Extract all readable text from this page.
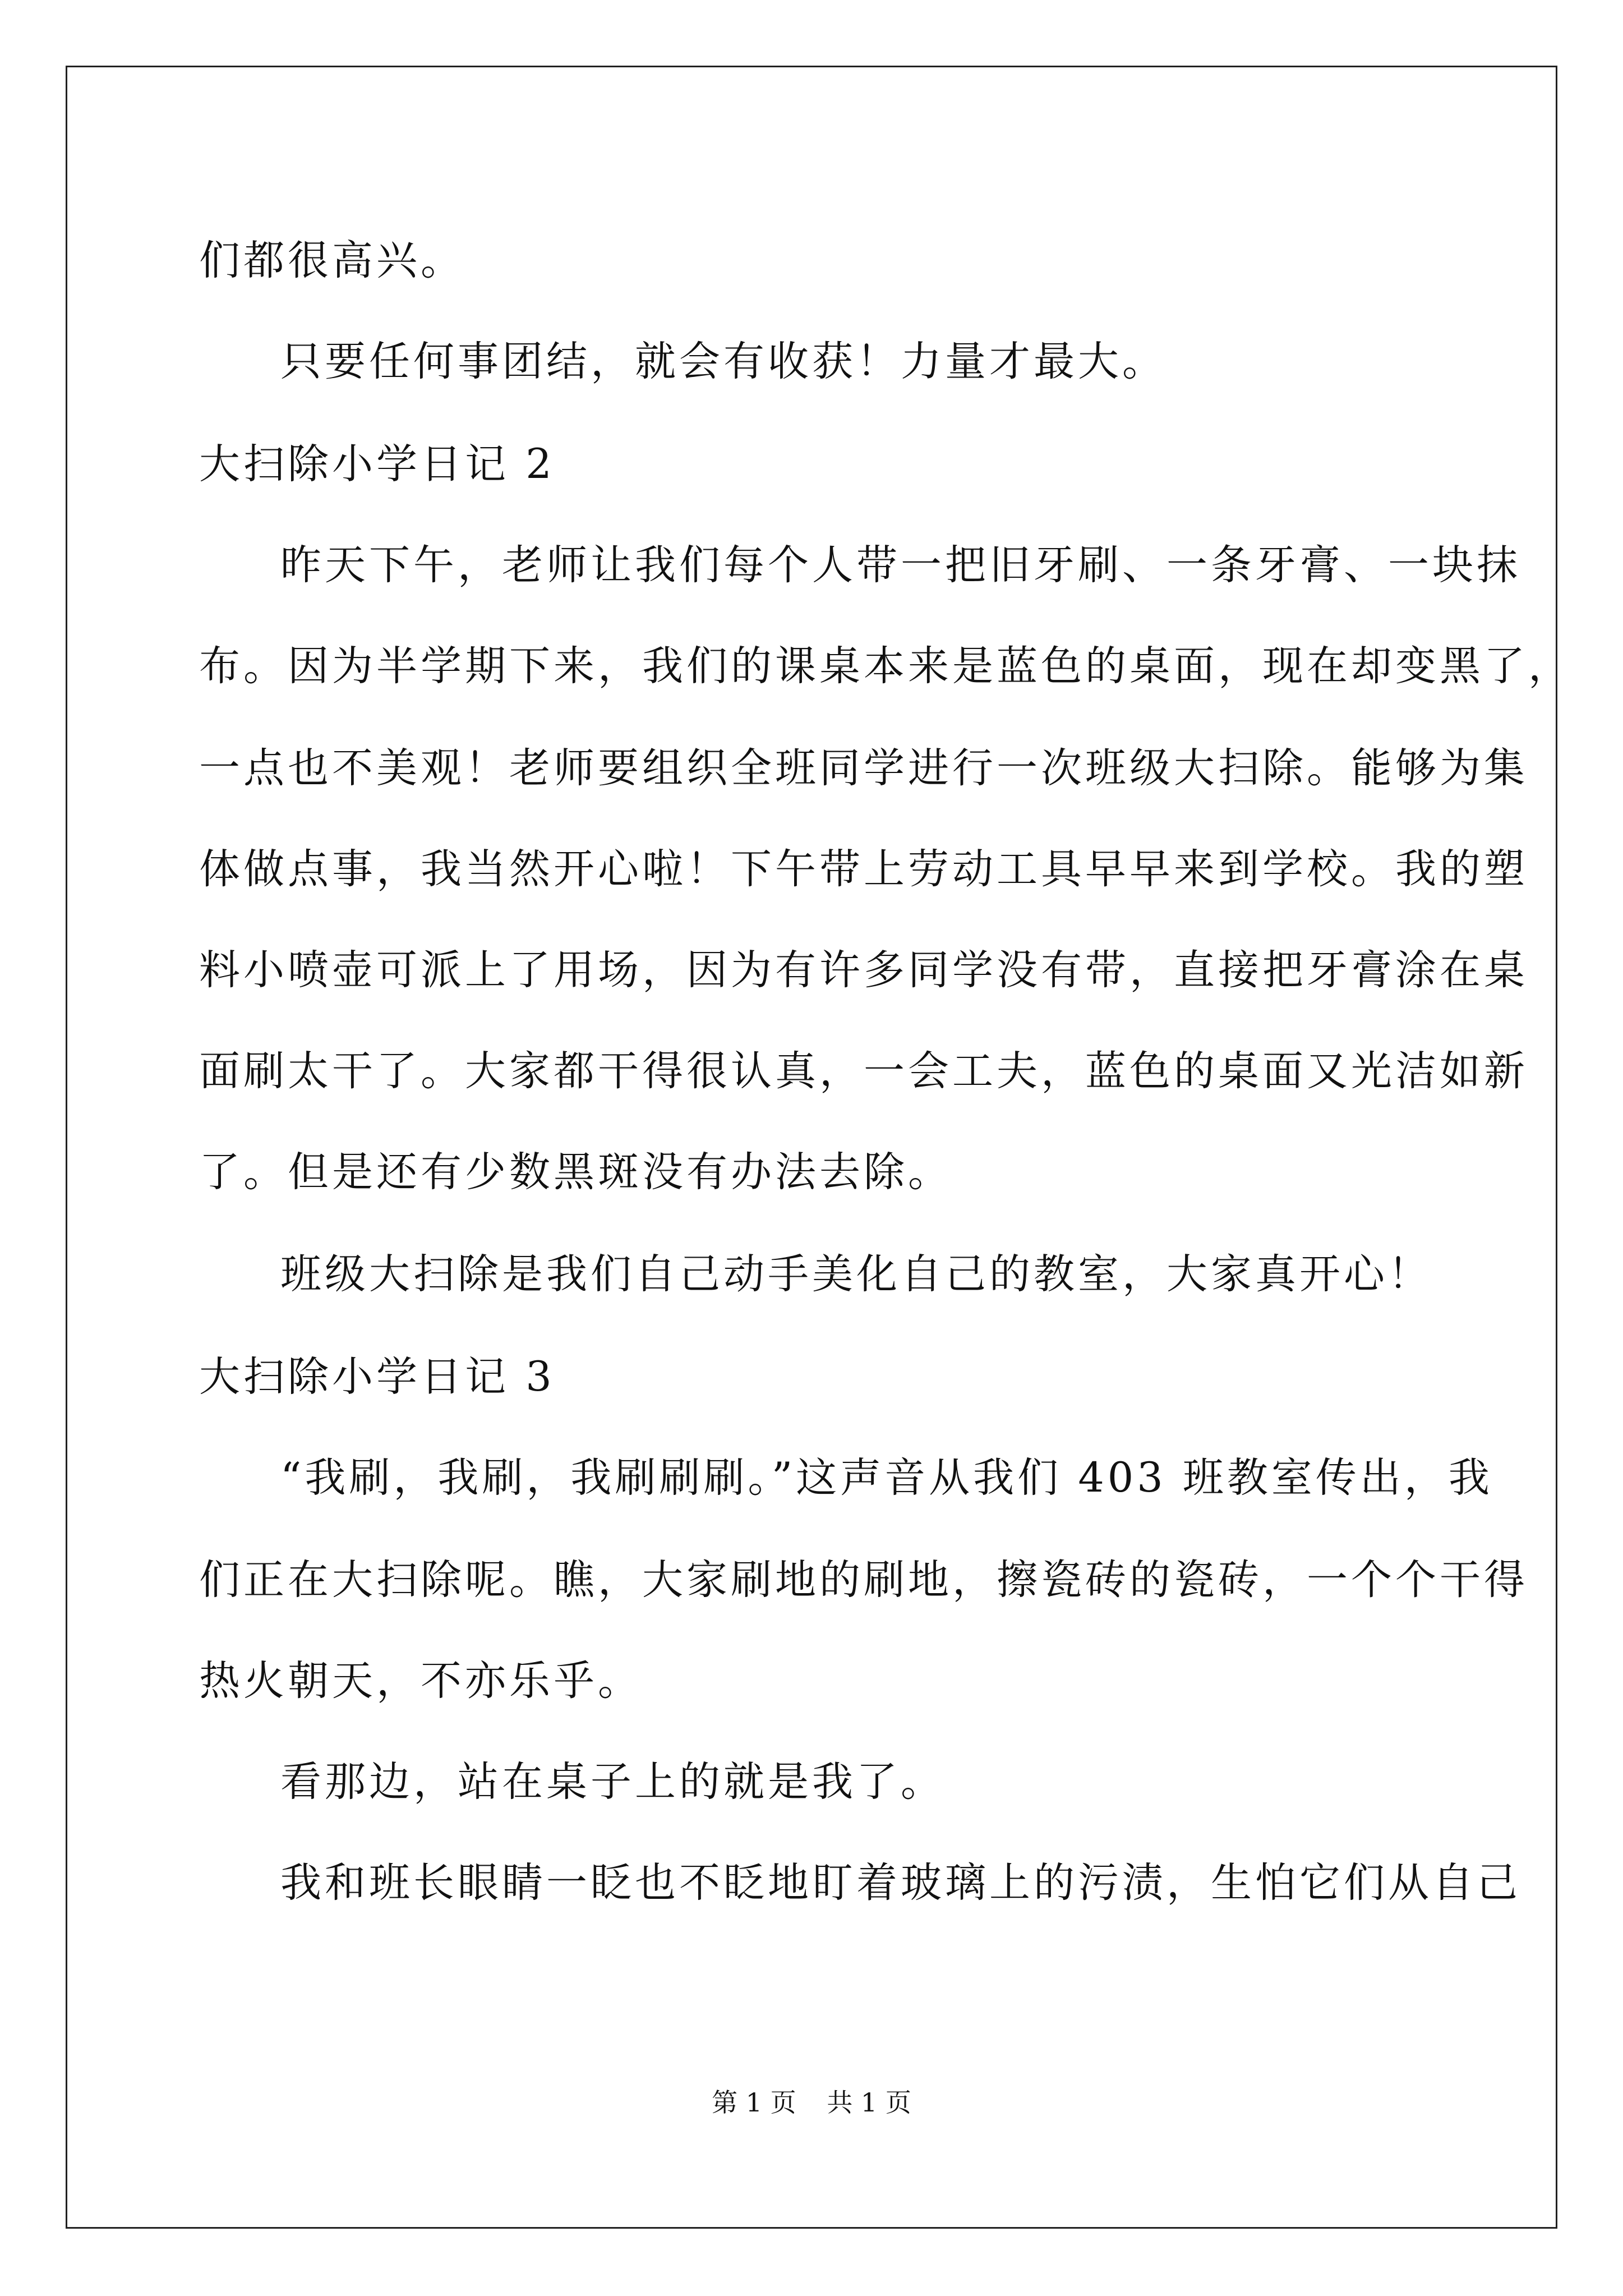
们都很高兴。
只要任何事团结，就会有收获！力量才最大。
大扫除小学日记 2
昨天下午，老师让我们每个人带一把旧牙刷、一条牙膏、一块抹
布。因为半学期下来，我们的课桌本来是蓝色的桌面，现在却变黑了，
一点也不美观！老师要组织全班同学进行一次班级大扫除。能够为集
体做点事，我当然开心啦！下午带上劳动工具早早来到学校。我的塑
料小喷壶可派上了用场，因为有许多同学没有带，直接把牙膏涂在桌
面刷太干了。大家都干得很认真，一会工夫，蓝色的桌面又光洁如新
了。但是还有少数黑斑没有办法去除。
班级大扫除是我们自己动手美化自己的教室，大家真开心！
大扫除小学日记 3
“我刷，我刷，我刷刷刷。”这声音从我们 403 班教室传出，我
们正在大扫除呢。瞧，大家刷地的刷地，擦瓷砖的瓷砖，一个个干得
热火朝天，不亦乐乎。
看那边，站在桌子上的就是我了。
我和班长眼睛一眨也不眨地盯着玻璃上的污渍，生怕它们从自己
第 1 页 共 1 页
